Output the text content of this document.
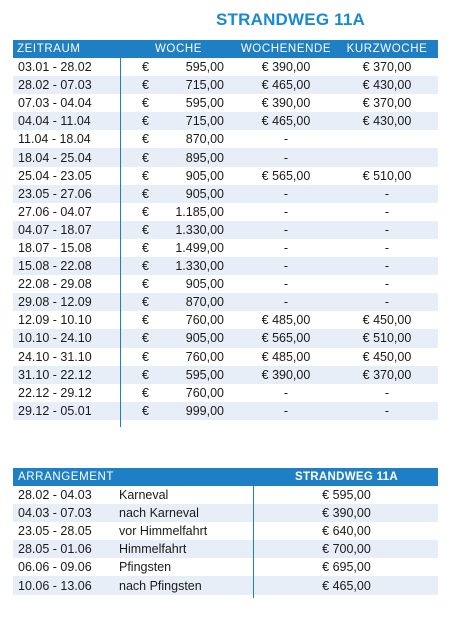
STRANDWEG 11A
ZEITRAUM	WOCHE	WOCHENENDE	KURZWOCHE
03.01 - 28.02	€	595,00	€ 390,00	€ 370,00
28.02 - 07.03	€	715,00	€ 465,00	€ 430,00
07.03 - 04.04	€	595,00	€ 390,00	€ 370,00
04.04 - 11.04	€	715,00	€ 465,00	€ 430,00
11.04 - 18.04	€	870,00	-
18.04 - 25.04	€	895,00	-
25.04 - 23.05	€	905,00	€ 565,00	€ 510,00
23.05 - 27.06	€	905,00	-	-
27.06 - 04.07	€ 1.185,00	-	-
04.07 - 18.07	€ 1.330,00	-	-
18.07 - 15.08	€ 1.499,00	-	-
15.08 - 22.08	€ 1.330,00	-	-
22.08 - 29.08	€	905,00	-	-
29.08 - 12.09	€	870,00	-	-
12.09 - 10.10	€	760,00	€ 485,00	€ 450,00
10.10 - 24.10	€	905,00	€ 565,00	€ 510,00
24.10 - 31.10	€	760,00	€ 485,00	€ 450,00
31.10 - 22.12	€	595,00	€ 390,00	€ 370,00
22.12 - 29.12	€	760,00	-	-
29.12 - 05.01	€	999,00	-	-
ARRANGEMENT	STRANDWEG 11A
28.02 - 04.03	Karneval	€ 595,00
04.03 - 07.03	nach Karneval	€ 390,00
23.05 - 28.05	vor Himmelfahrt	€ 640,00
28.05 - 01.06	Himmelfahrt	€ 700,00
06.06 - 09.06	Pfingsten	€ 695,00
10.06 - 13.06	nach Pfingsten	€ 465,00
